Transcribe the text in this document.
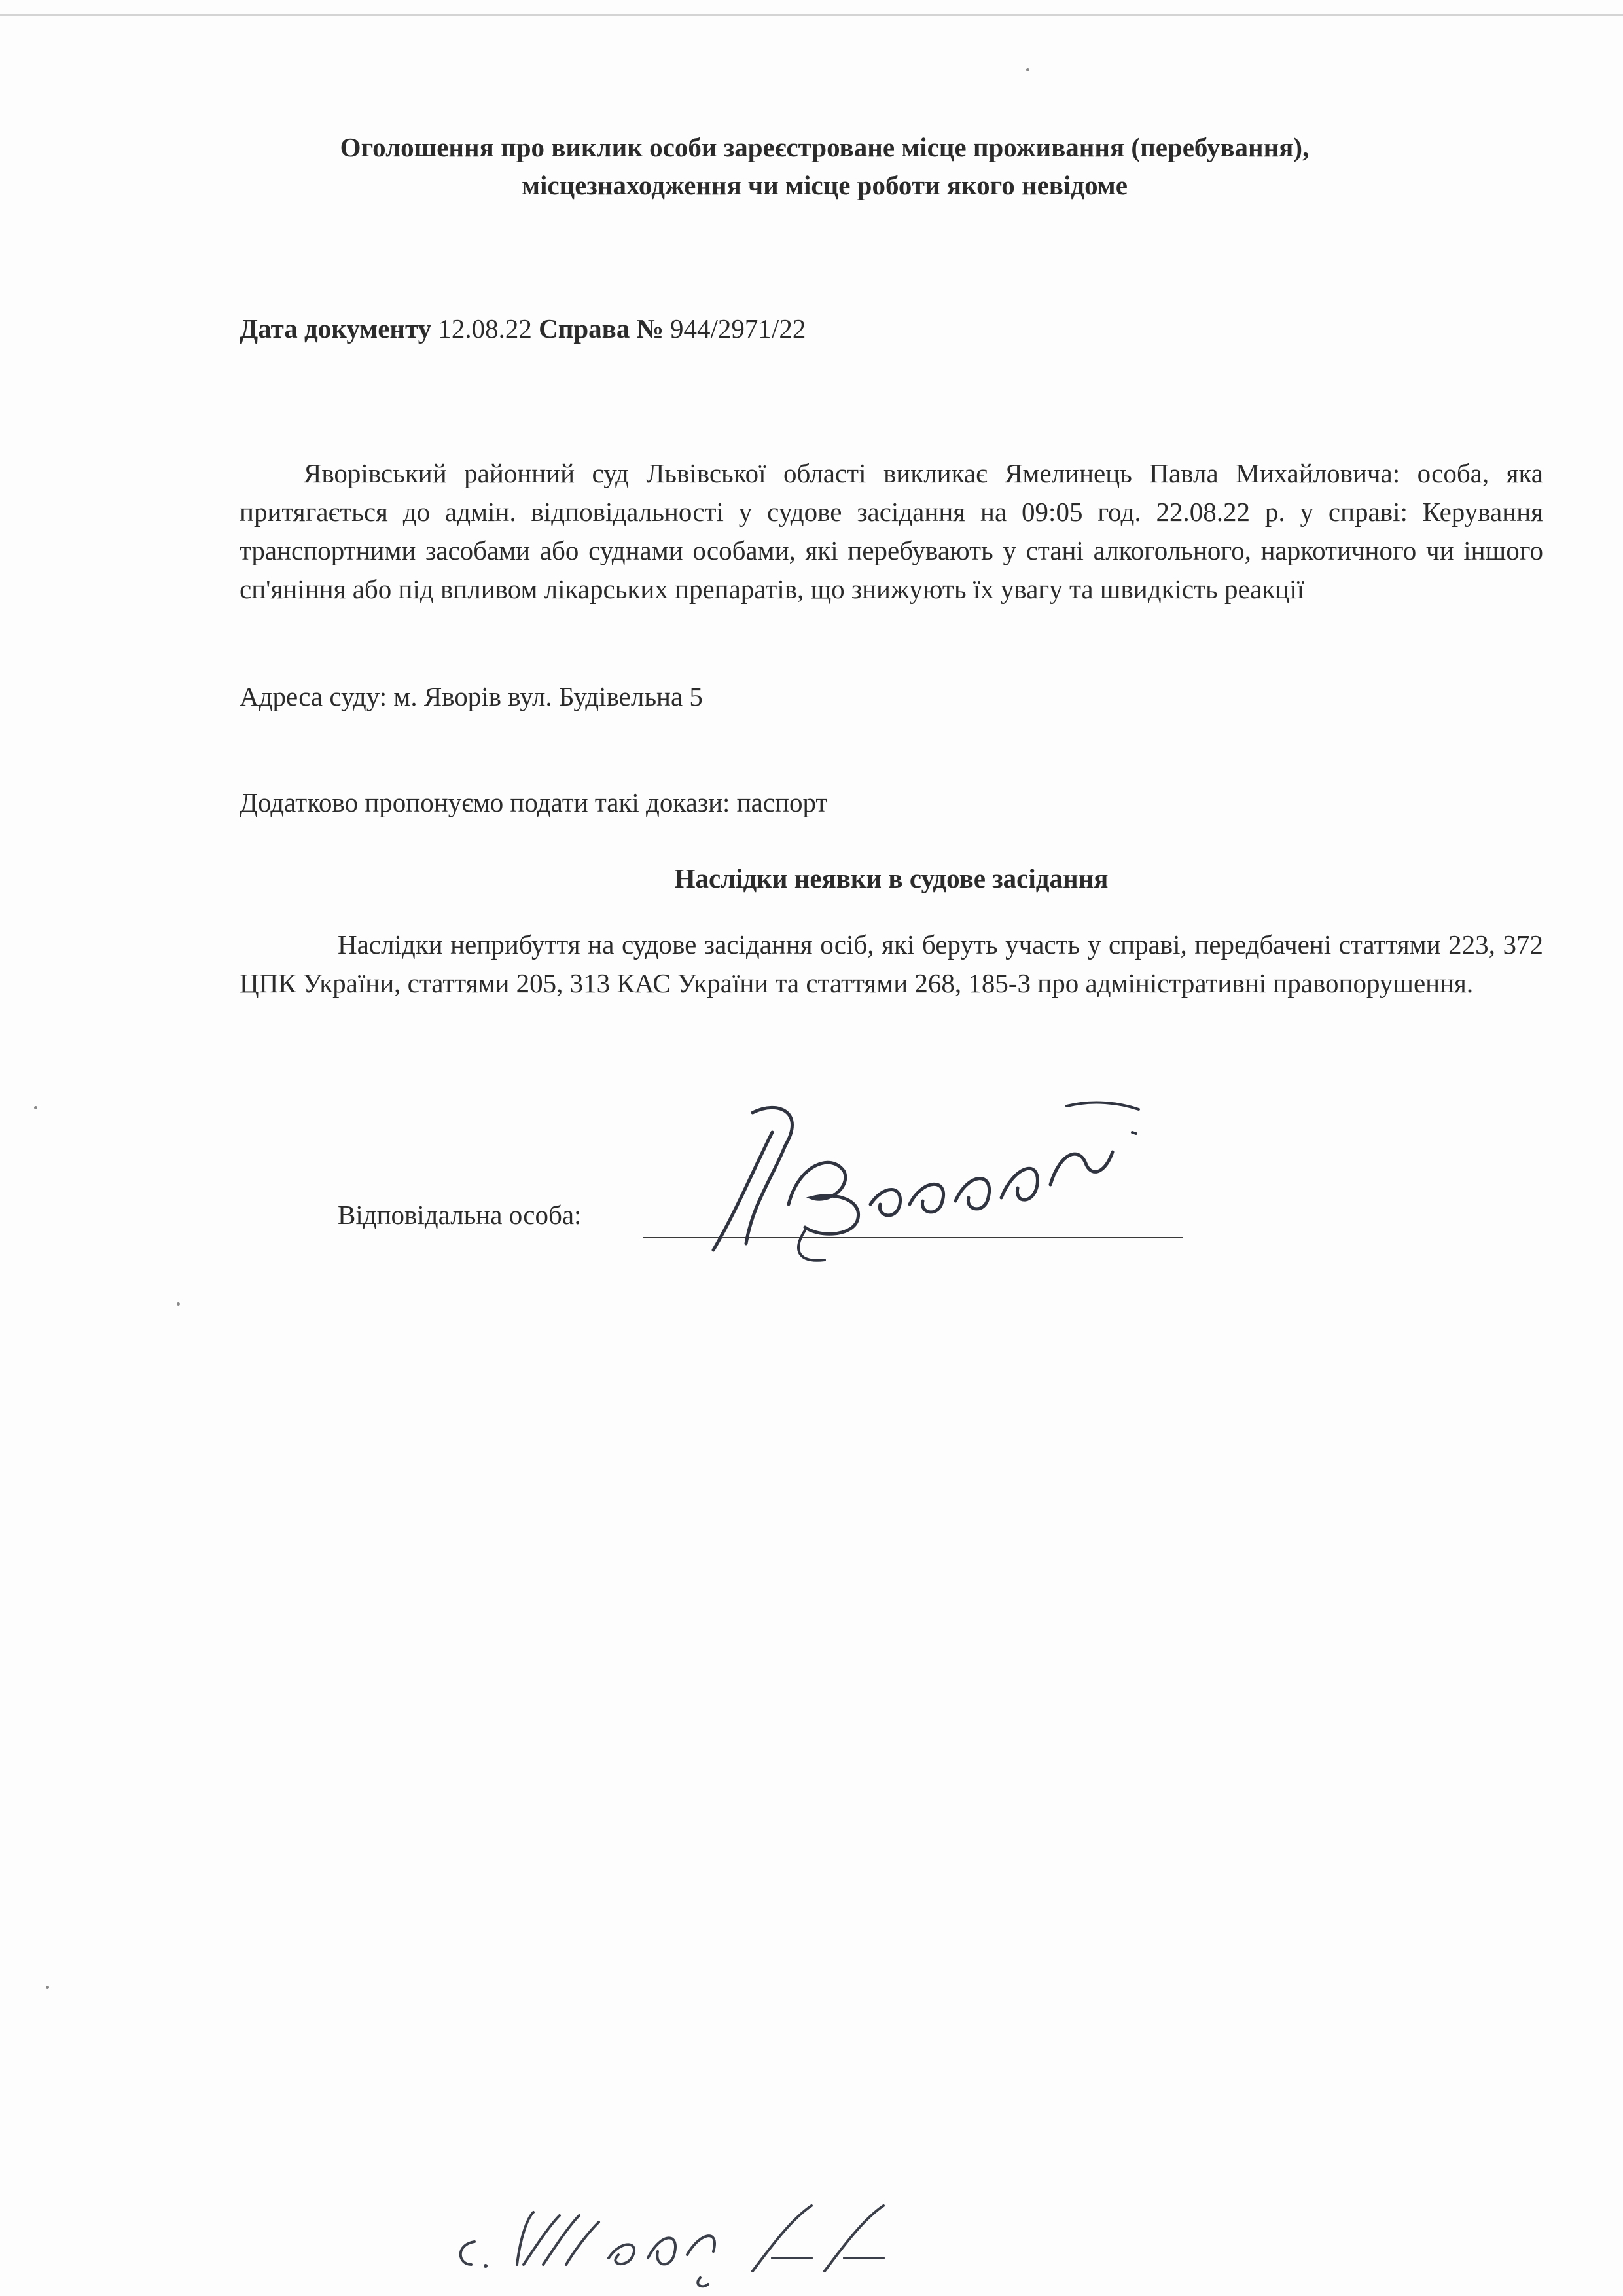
Оголошення про виклик особи зареєстроване місце проживання (перебування),
місцезнаходження чи місце роботи якого невідоме
Дата документу 12.08.22 Справа № 944/2971/22
Яворівський районний суд Львівської області викликає Ямелинець Павла Михайловича: особа, яка притягається до адмін. відповідальності у судове засідання на 09:05 год. 22.08.22 р. у справі: Керування транспортними засобами або суднами особами, які перебувають у стані алкогольного, наркотичного чи іншого сп'яніння або під впливом лікарських препаратів, що знижують їх увагу та швидкість реакції
Адреса суду: м. Яворів вул. Будівельна 5
Додатково пропонуємо подати такі докази: паспорт
Наслідки неявки в судове засідання
Наслідки неприбуття на судове засідання осіб, які беруть участь у справі, передбачені статтями 223, 372 ЦПК України, статтями 205, 313 КАС України та статтями 268, 185-3 про адміністративні правопорушення.
Відповідальна особа:
